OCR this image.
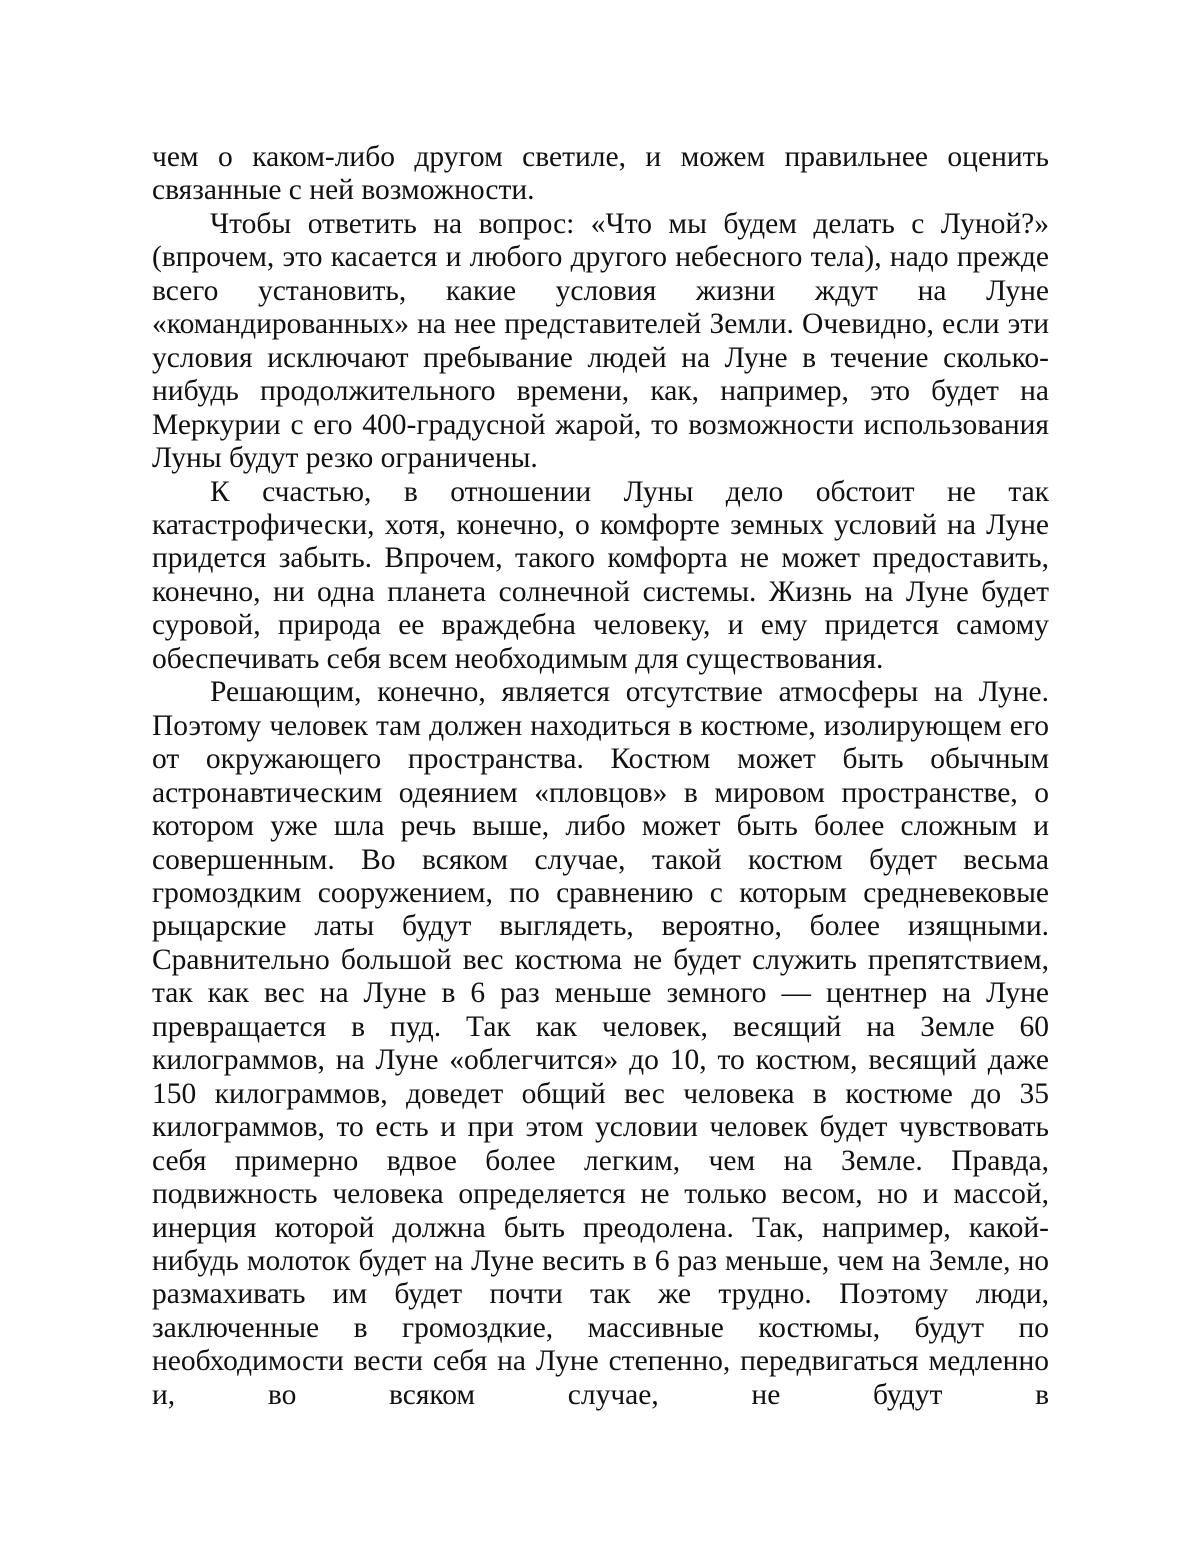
чем о каком-либо другом светиле, и можем правильнее оценить связанные с ней возможности.

Чтобы ответить на вопрос: «Что мы будем делать с Луной?» (впрочем, это касается и любого другого небесного тела), надо прежде всего установить, какие условия жизни ждут на Луне «командированных» на нее представителей Земли. Очевидно, если эти условия исключают пребывание людей на Луне в течение сколько-нибудь продолжительного времени, как, например, это будет на Меркурии с его 400-градусной жарой, то возможности использования Луны будут резко ограничены.

К счастью, в отношении Луны дело обстоит не так катастрофически, хотя, конечно, о комфорте земных условий на Луне придется забыть. Впрочем, такого комфорта не может предоставить, конечно, ни одна планета солнечной системы. Жизнь на Луне будет суровой, природа ее враждебна человеку, и ему придется самому обеспечивать себя всем необходимым для существования.

Решающим, конечно, является отсутствие атмосферы на Луне. Поэтому человек там должен находиться в костюме, изолирующем его от окружающего пространства. Костюм может быть обычным астронавтическим одеянием «пловцов» в мировом пространстве, о котором уже шла речь выше, либо может быть более сложным и совершенным. Во всяком случае, такой костюм будет весьма громоздким сооружением, по сравнению с которым средневековые рыцарские латы будут выглядеть, вероятно, более изящными. Сравнительно большой вес костюма не будет служить препятствием, так как вес на Луне в 6 раз меньше земного — центнер на Луне превращается в пуд. Так как человек, весящий на Земле 60 килограммов, на Луне «облегчится» до 10, то костюм, весящий даже 150 килограммов, доведет общий вес человека в костюме до 35 килограммов, то есть и при этом условии человек будет чувствовать себя примерно вдвое более легким, чем на Земле. Правда, подвижность человека определяется не только весом, но и массой, инерция которой должна быть преодолена. Так, например, какой-нибудь молоток будет на Луне весить в 6 раз меньше, чем на Земле, но размахивать им будет почти так же трудно. Поэтому люди, заключенные в громоздкие, массивные костюмы, будут по необходимости вести себя на Луне степенно, передвигаться медленно и, во всяком случае, не будут в
